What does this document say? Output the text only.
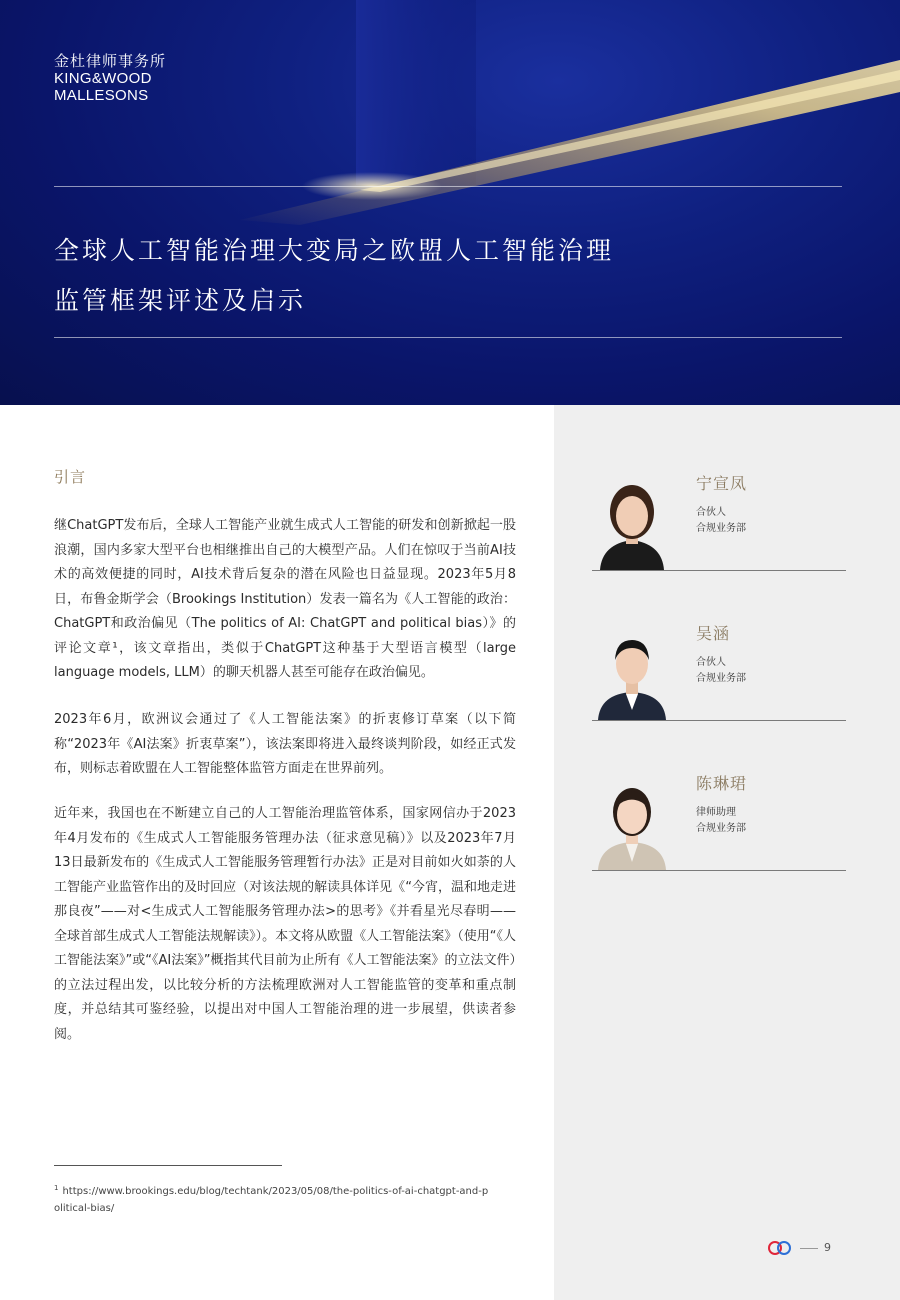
金杜律师事务所
KING&WOOD
MALLESONS
全球人工智能治理大变局之欧盟人工智能治理
监管框架评述及启示
引言

继ChatGPT发布后，全球人工智能产业就生成式人工智能的研发和创新掀起一股浪潮，国内多家大型平台也相继推出自己的大模型产品。人们在惊叹于当前AI技术的高效便捷的同时，AI技术背后复杂的潜在风险也日益显现。2023年5月8日，布鲁金斯学会（Brookings Institution）发表一篇名为《人工智能的政治：ChatGPT和政治偏见（The politics of AI: ChatGPT and political bias）》的评论文章¹，该文章指出，类似于ChatGPT这种基于大型语言模型（large language models, LLM）的聊天机器人甚至可能存在政治偏见。

2023年6月，欧洲议会通过了《人工智能法案》的折衷修订草案（以下简称“2023年《AI法案》折衷草案”），该法案即将进入最终谈判阶段，如经正式发布，则标志着欧盟在人工智能整体监管方面走在世界前列。

近年来，我国也在不断建立自己的人工智能治理监管体系，国家网信办于2023年4月发布的《生成式人工智能服务管理办法（征求意见稿）》以及2023年7月13日最新发布的《生成式人工智能服务管理暂行办法》正是对目前如火如荼的人工智能产业监管作出的及时回应（对该法规的解读具体详见《“今宵，温和地走进那良夜”——对<生成式人工智能服务管理办法>的思考》《并看星光尽春明——全球首部生成式人工智能法规解读》）。本文将从欧盟《人工智能法案》（使用“《人工智能法案》”或“《AI法案》”概指其代目前为止所有《人工智能法案》的立法文件）的立法过程出发，以比较分析的方法梳理欧洲对人工智能监管的变革和重点制度，并总结其可鉴经验，以提出对中国人工智能治理的进一步展望，供读者参阅。

$^1$ https://www.brookings.edu/blog/techtank/2023/05/08/the-politics-of-ai-chatgpt-and-political-bias/
宁宣凤
合伙人
合规业务部
吴涵
合伙人
合规业务部
陈琳珺
律师助理
合规业务部
9
